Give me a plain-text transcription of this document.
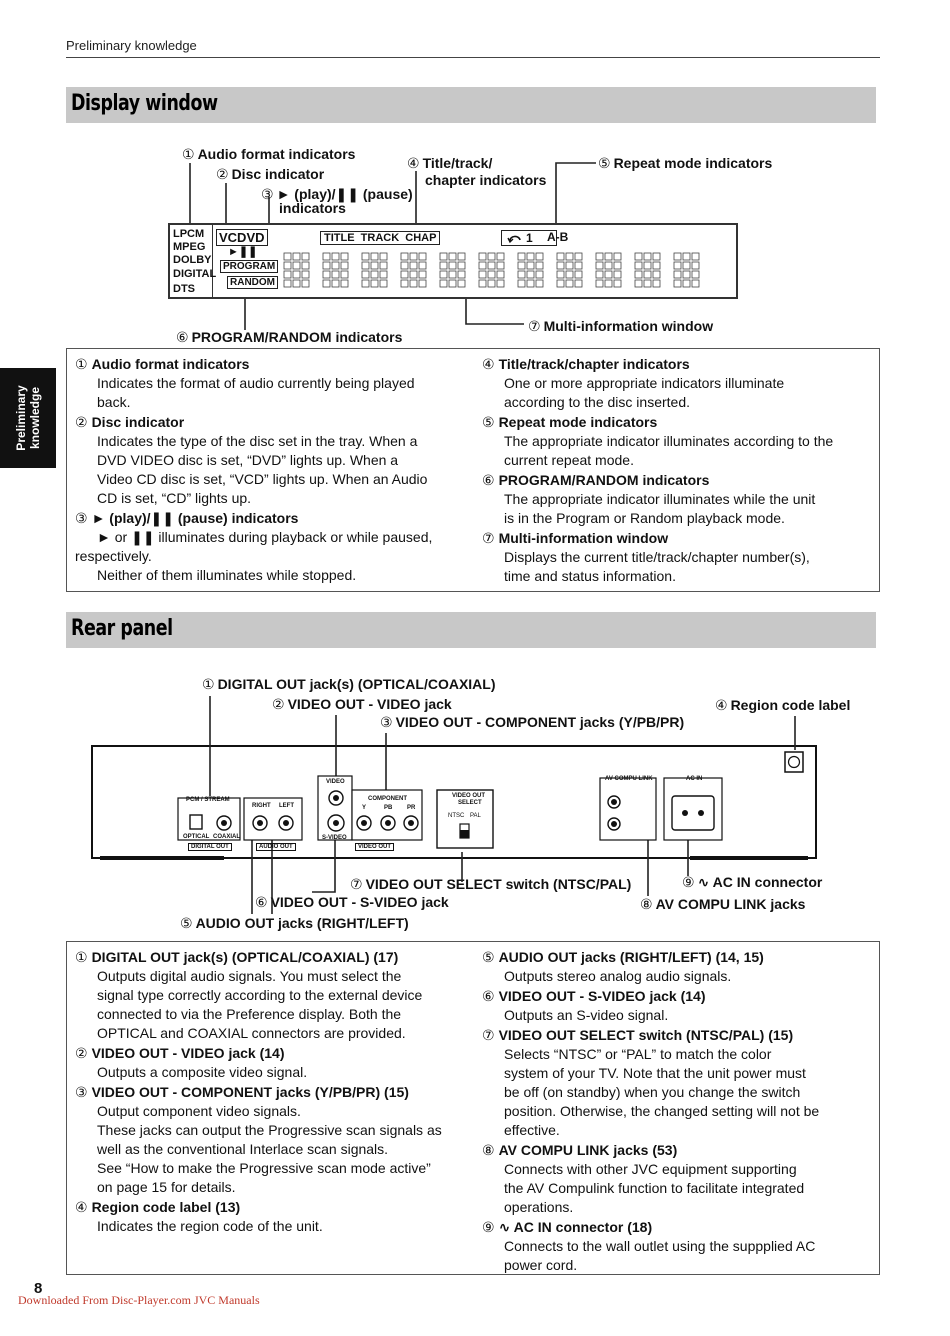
Preliminary knowledge
Preliminary
knowledge
Display window
① Audio format indicators
② Disc indicator
③ ► (play)/❚❚ (pause)
indicators
④ Title/track/
chapter indicators
⑤ Repeat mode indicators
⑥ PROGRAM/RANDOM indicators
⑦ Multi-information window
LPCM
MPEG
DOLBY
DIGITAL
DTS
VCDVD
►❚❚
PROGRAM
RANDOM
TITLE  TRACK  CHAP	1 A-B
① Audio format indicators
Indicates the format of audio currently being played
back.
② Disc indicator
Indicates the type of the disc set in the tray. When a
DVD VIDEO disc is set, “DVD” lights up. When a
Video CD disc is set, “VCD” lights up. When an Audio
CD is set, “CD” lights up.
③ ► (play)/❚❚ (pause) indicators
► or ❚❚ illuminates during playback or while paused,
respectively.
Neither of them illuminates while stopped.
④ Title/track/chapter indicators
One or more appropriate indicators illuminate
according to the disc inserted.
⑤ Repeat mode indicators
The appropriate indicator illuminates according to the
current repeat mode.
⑥ PROGRAM/RANDOM indicators
The appropriate indicator illuminates while the unit
is in the Program or Random playback mode.
⑦ Multi-information window
Displays the current title/track/chapter number(s),
time and status information.
Rear panel
① DIGITAL OUT jack(s) (OPTICAL/COAXIAL)
② VIDEO OUT - VIDEO jack
③ VIDEO OUT - COMPONENT jacks (Y/PB/PR)
④ Region code label
⑦ VIDEO OUT SELECT switch (NTSC/PAL)	⑨ ∿ AC IN connector
⑥ VIDEO OUT - S-VIDEO jack	⑧ AV COMPU LINK jacks
⑤ AUDIO OUT jacks (RIGHT/LEFT)
PCM / STREAM
OPTICAL COAXIAL
DIGITAL OUT
RIGHT LEFT
AUDIO OUT
VIDEO
S-VIDEO
COMPONENT
Y	PB PR
VIDEO OUT
VIDEO OUT
SELECT
NTSC PAL
AV COMPU LINK	AC IN
① DIGITAL OUT jack(s) (OPTICAL/COAXIAL) (17)
Outputs digital audio signals. You must select the
signal type correctly according to the external device
connected to via the Preference display. Both the
OPTICAL and COAXIAL connectors are provided.
② VIDEO OUT - VIDEO jack (14)
Outputs a composite video signal.
③ VIDEO OUT - COMPONENT jacks (Y/PB/PR) (15)
Output component video signals.
These jacks can output the Progressive scan signals as
well as the conventional Interlace scan signals.
See “How to make the Progressive scan mode active”
on page 15 for details.
④ Region code label (13)
Indicates the region code of the unit.
⑤ AUDIO OUT jacks (RIGHT/LEFT) (14, 15)
Outputs stereo analog audio signals.
⑥ VIDEO OUT - S-VIDEO jack (14)
Outputs an S-video signal.
⑦ VIDEO OUT SELECT switch (NTSC/PAL) (15)
Selects “NTSC” or “PAL” to match the color
system of your TV. Note that the unit power must
be off (on standby) when you change the switch
position. Otherwise, the changed setting will not be
effective.
⑧ AV COMPU LINK jacks (53)
Connects with other JVC equipment supporting
the AV Compulink function to facilitate integrated
operations.
⑨ ∿ AC IN connector (18)
Connects to the wall outlet using the suppplied AC
power cord.
8
Downloaded From Disc-Player.com JVC Manuals
